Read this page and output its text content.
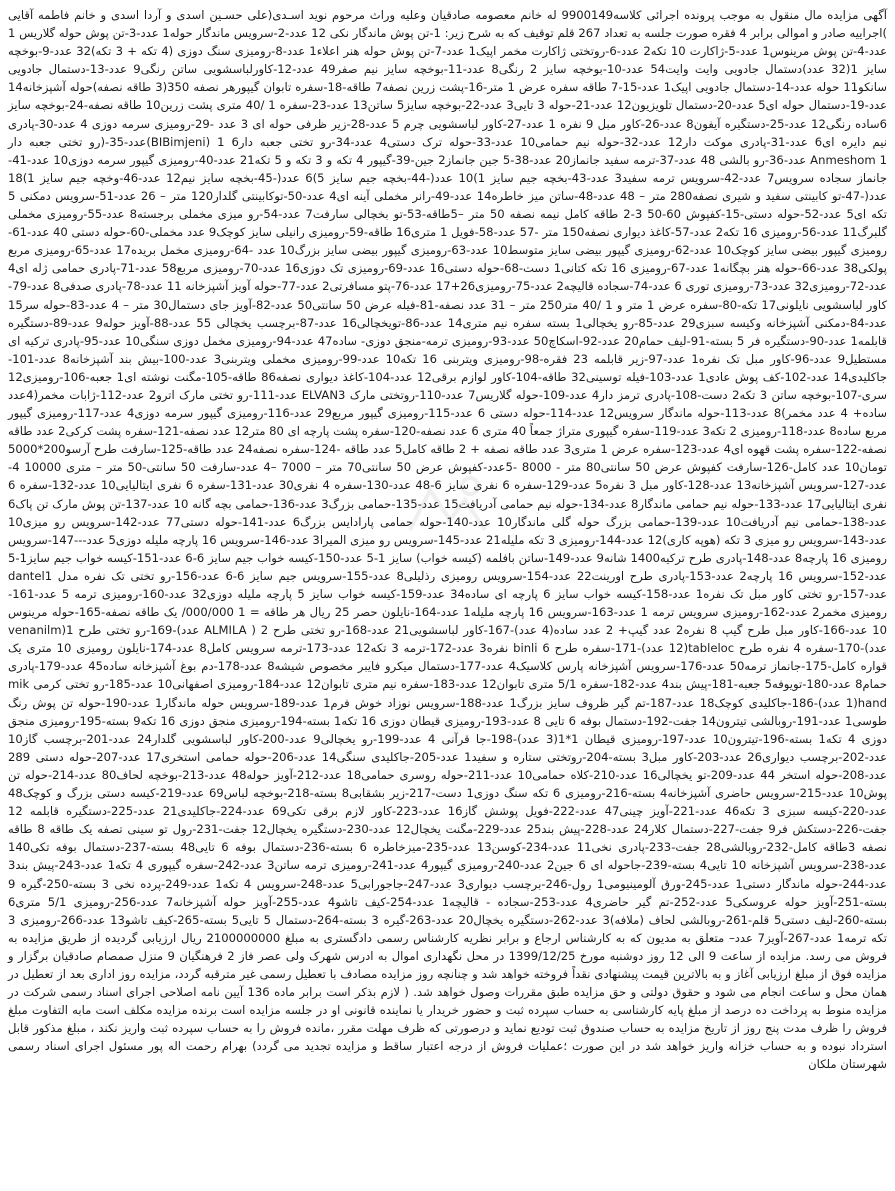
آگهی مزایده مال منقول به موجب پرونده اجرائی کلاسه9900149 له خانم معصومه صادقیان وعلیه وراث مرحوم نوید اسـدی(علی حسـین اسدی و آردا اسدی و خانم فاطمه آقایی )اجراییه صادر و اموالی برابر 4 فقره صورت جلسه به تعداد 267 قلم توقیف که به شرح زیر: 1-تن پوش ماندگار نکی 12 عدد-2-سرویس ماندگار حوله1 عدد-3-تن پوش حوله گلاریس 1 عدد-4-تن پوش مرینوس1 عدد-5-ژاکارت 10 تکه2 عدد-6-روتختی ژاکارت مخمر اپیک1 عدد-7-تن پوش حوله هنر اعلاء1 عدد-8-رومیزی سنگ دوزی (4 تکه + 3 تکه)32 عدد-9-بوخچه سایز 1(32 عدد)دستمال جادویی وایت وایت54 عدد-10-بوخچه سایز 2 رنگی8 عدد-11-بوخچه سایز نیم صفر49 عدد-12-کاورلباسشویی ساتن رنگی9 عدد-13-دستمال جادویی سانکو11 حوله عدد-14-دستمال جادویی اپیک1 عدد-15-7 طاقه سفره عرض 1 متر-16-پشت زرین نصفه7 طاقه-18-سفره تابوان گیپورهر نصفه 350(3 طاقه نصفه)حوله آشپزخانه14 عدد-19-دستمال حوله ای5 عدد-20-دستمال تلویزیون12 عدد-21-حوله 3 تایی3 عدد-22-بوخچه سایز5 ساتن13 عدد-23-سفره 1 /40 متری پشت زرین10 طاقه نصفه-24-بوخچه سایز 6ساده رنگی12 عدد-25-دستگیره آیفون8 عدد-26-کاور مبل 9 نفره 1 عدد-27-کاور لباسشویی چرم 5 عدد-28-زیر ظرفی حوله ای 3 عدد -29-رومیزی سرمه دوزی 4 عدد-30-پادری نیم دایره ای6 عدد-31-پادری موکت دار12 عدد-32-حوله نیم حمامی10 عدد-33-حوله ترک دستی4 عدد-34-رو تختی جعبه دار6 1 (BIBimjeni)عدد-35-(رو تختی جعبه دار Anmeshom 1 عدد-36-رو بالشی 48 عدد-37-ترمه سفید جانماز20 عدد-38-5 جین جانماز2 جین-39-گیپور 4 تکه و 3 تکه و 5 تکه21 عدد-40-رومیزی گیپور سرمه دوزی10 عدد-41-جانماز سجاده سرویس7 عدد-42-سرویس ترمه سفید3 عدد-43-بخچه جیم سایز 1)10 عدد(-44-بخچه جیم سایز 5)6 عدد(-45-بخچه سایز نیم12 عدد-46-وخچه جیم سایز 1)18 عدد(-47-تو کابینتی سفید و شیری نصفه280 متر – 48 عدد-48-ساتن میز خاطره14 عدد-49-رانر مخملی آینه ای4 عدد-50-توکابینتی گلدار120 متر – 26 عدد-51-سرویس دمکنی 5 تکه ای5 عدد-52-حوله دستی-15-کفپوش 60-50 3-2 طاقه کامل نیمه نصفه 50 متر –5طاقه-53-تو بخچالی سارفت7 عدد-54-رو میزی مخملی برجسته8 عدد-55-رومیزی مخملی گلبرگ11 عدد-56-رومیزی 16 تکه2 عدد-57-کاغذ دیواری نصفه150 متر -57 عدد-58-فویل 1 متری16 طاقه-59-رومیزی رانیلی سایز کوچک9 عدد مخملی-60-حوله دستی 40 عدد-61-رومیزی گیپور بیضی سایز کوچک10 عدد-62-رومیزی گیپور بیضی سایز متوسط10 عدد-63-رومیزی گیپور بیضی سایز بزرگ10 عدد -64-رومیزی مخمل بریده17 عدد-65-رومیزی مربع پولکی38 عدد-66-حوله هنر بچگانه1 عدد-67-رومیزی 16 تکه کتانی1 دست-68-حوله دستی16 عدد-69-رومیزی تک دوزی16 عدد-70-رومیزی مربع58 عدد-71-پادری حمامی ژله ای4 عدد-72-رومیزی32 عدد-73-رومیزی توری 6 عدد-74-سجاده قالیچه2 عدد-75-رومیزی26+17 عدد-76-پتو مسافرتی2 عدد-77-حوله آویز آشپزخانه 11 عدد-78-پادری صدفی8 عدد-79-کاور لباسشویی نایلونی17 تکه-80-سفره عرض 1 متر و 1 /40 متر250 متر – 31 عدد نصفه-81-فیله عرض 50 سانتی50 عدد-82-آویز جای دستمال30 متر – 4 عدد-83-حوله سر15 عدد-84-دمکنی آشپزخانه وکیسه سبزی29 عدد-85-رو یخچالی1 بسته سفره نیم متری14 عدد-86-تویخچالی16 عدد-87-برچسب یخچالی 55 عدد-88-آویز حوله9 عدد-89-دستگیره قابلمه1 عدد-90-دستگیره فر 5 بسته-91-لیف حمام20 عدد-92-اسکاچ50 عدد-93-رومیزی ترمه-منجق دوزی- ساده47 عدد-94-رومیزی مخمل دوزی سنگی10 عدد-95-پادری ترکیه ای مستطیل9 عدد-96-کاور مبل تک نفره1 عدد-97-زیر قابلمه 23 فقره-98-رومیزی ویتربنی 16 تکه10 عدد-99-رومیزی مخملی ویتربنی3 عدد-100-بیش بند آشپزخانه8 عدد-101-جاکلیدی14 عدد-102-کف پوش عادی1 عدد-103-فیله توسینی32 طاقه-104-کاور لوازم برقی12 عدد-104-کاغذ دیواری نصفه86 طاقه-105-مگنت نوشته ای1 جعبه-106-رومیزی12 سری-107-بوخچه ساتن 3 تکه2 دست-108-پادری ترمز دار4 عدد-109-حوله گلاریس7 عدد-110-روتختی مارک ELVAN3 عدد-111-رو تختی مارک اترو2 عدد-112-ژابات مخمر(4عدد ساده+ 4 عدد مخمر)8 عدد-113-حوله ماندگار سرویس12 عدد-114-حوله دستی 6 عدد-115-رومیزی گیپور مربع29 عدد-116-رومیزی گیپور سرمه دوزی4 عدد-117-رومیزی گیپور مربع ساده8 عدد-118-رومیزی 2 تکه3 عدد-119-سفره گیپوری متراژ جمعاً 40 متری 6 عدد نصفه-120-سفره پشت پارچه ای 80 متر12 عدد نصفه-121-سفره پشت کرکی2 عدد طاقه نصفه-122-سفره پشت قهوه ای4 عدد-123-سفره عرض 1 متری3 عدد طاقه نصفه + 2 طاقه کامل5 عدد طاقه -124-سفره نصفه24 عدد طاقه-125-سارفت طرح آرسو200*5000 تومان10 عدد کامل-126-سارفت کفپوش عرض 50 سانتی80 متر - 8000 -5عدد-کفپوش عرض 50 سانتی70 متر – 7000 –4 عدد-سارفت 50 سانتی-50 متر – متری 10000 4-عدد-127-سرویس آشپزخانه13 عدد-128-کاور مبل 3 نفره5 عدد-129-سفره 6 نفری سایز 6-48 عدد-130-سفره 4 نفری30 عدد-131-سفره 6 نفری ایتالیایی10 عدد-132-سفره 6 نفری ایتالیایی17 عدد-133-حوله نیم حمامی ماندگار8 عدد-134-حوله نیم حمامی آدریافت15 عدد-135-حمامی بزرگ3 عدد-136-حمامی بچه گانه 10 عدد-137-تن پوش مارک تن پاک6 عدد-138-حمامی نیم آدریافت10 عدد-139-حمامی بزرگ حوله گلی ماندگار10 عدد-140-حوله حمامی پارادایس بزرگ6 عدد-141-حوله دستی77 عدد-142-سرویس رو میزی10 عدد-143-سرویس رو میزی 3 تکه (هوپه کاری)12 عدد-144-رومیزی 3 تکه ملیله21 عدد-145-سرویس رو میزی المیرا3 عدد-146-سرویس 16 پارچه ملیله دوزی5 عدد---147-سرویس رومیزی 16 پارچه8 عدد-148-پادری طرح ترکیه1400 شانه9 عدد-149-ساتن بافلمه (کیسه خواب) سایز 1-5 عدد-150-کیسه خواب جیم سایز 6-6 عدد-151-کیسه خواب جیم سایز1-5 عدد-152-سرویس 16 پارچه2 عدد-153-پادری طرح اورینت22 عدد-154-سرویس رومیزی رذلیلی8 عدد-155-سرویس جیم سایز 6-6 عدد-156-رو تختی تک نفره مدل dantel1 عدد-157-رو تختی کاور مبل تک نفره1 عدد-158-کیسه خواب سایز 6 پارچه ای ساده34 عدد-159-کیسه خواب سایز 5 پارچه ملیله دوزی32 عدد-160-رومیزی ترمه 5 عدد-161-رومیزی مخمر2 عدد-162-رومیزی سرویس ترمه 1 عدد-163-سرویس 16 پارچه ملیله1 عدد-164-نایلون حصر 25 ریال هر طاقه = 1 000/000/ یک طاقه نصفه-165-حوله مرینوس 10 عدد-166-کاور مبل طرح گیپ 8 نفره2 عدد گیپ+ 2 عدد ساده(4 عدد)-167-کاور لباسشویی21 عدد-168-رو تختی طرح 2 ( ALMILA عدد)-169-رو تختی طرح 1(venanilm عدد)-170-سفره 4 نفره طرح tableloc(12 عدد)-171-سفره طرح 6 binli نفره3 عدد-172-ترمه 3 تکه12 عدد-173-ترمه سرویس کامل8 عدد-174-نایلون رومیزی 10 متری یک قواره کامل-175-جانماز ترمه50 عدد-176-سرویس آشپزخانه پارس کلاسیک4 عدد-177-دستمال میکرو فایبر مخصوص شیشه8 عدد-178-دم بوغ آشپزخانه ساده45 عدد-179-پادری حمام8 عدد-180-تویوفه5 جعبه-181-پیش بند4 عدد-182-سفره 5/1 متری تابوان12 عدد-183-سفره نیم متری تابوان12 عدد-184-رومیزی اصفهانی10 عدد-185-رو تختی کرمی mik hand(1 عدد)-186-جاکلیدی کوچک18 عدد-187-تم گیر ظروف سایز بزرگ1 عدد-188-سرویس نوزاد خوش فرم1 عدد-189-سرویس حوله ماندگار1 عدد-190-حوله تن پوش رنگ طوسی1 عدد-191-روبالشی تیترون14 جفت-192-دستمال بوفه 6 تایی 8 عدد-193-رومیزی قیطان دوزی 16 تکه1 بسته-194-رومیزی منجق دوزی 16 تکه9 بسته-195-رومیزی منجق دوزی 4 تکه1 بسته-196-تیترون10 عدد-197-رومیزی قیطان 1*1(3 عدد)-198-جا قرآنی 4 عدد-199-رو یخچالی9 عدد-200-کاور لباسشویی گلدار24 عدد-201-برچسب گاز10 عدد-202-برچسب دیواری26 عدد-203-کاور مبل3 بسته-204-روتختی ستاره و سفید1 عدد-205-جاکلیدی سنگی14 عدد-206-حوله حمامی استخری17 عدد-207-حوله دستی 289 عدد-208-حوله استخر 44 عدد-209-تو یخچالی16 عدد-210-کلاه حمامی10 عدد-211-حوله روسری حمامی18 عدد-212-آویز حوله48 عدد-213-بوخچه لحاف80 عدد-214-حوله تن پوش10 عدد-215-سرویس حاضری آشپزخانه4 بسته-216-رومیزی 6 تکه سنگ دوزی1 دست-217-زیر بشقابی8 بسته-218-بوخچه لباس69 عدد-219-کیسه دستی بزرگ و کوچک48 عدد-220-کیسه سبزی 3 تکه46 عدد-221-آویز چینی47 عدد-222-فویل پوشش گاز16 عدد-223-کاور لازم برقی تکی69 عدد-224-جاکلیدی21 عدد-225-دستگیره قابلمه 12 جفت-226-دستکش فر9 جفت-227-دستمال کلار24 عدد-228-پیش بند25 عدد-229-مگنت یخچال12 عدد-230-دستگیره یخچال12 جفت-231-رول تو سینی تصفه یک طاقه 8 طاقه نصفه 3طاقه کامل-232-روبالشی28 جفت-233-پادری نخی11 عدد-234-کوسن13 عدد-235-میزخاطره 6 بسته-236-دستمال بوفه 6 تایی48 بسته-237-دستمال بوفه تکی140 عدد-238-سرویس آشپزخانه 10 تایی4 بسته-239-جاحوله ای 6 جین2 عدد-240-رومیزی گیپور4 عدد-241-رومیزی ترمه ساتن3 عدد-242-سفره گیپوری 4 تکه1 عدد-243-پیش بند3 عدد-244-حوله ماندگار دستی1 عدد-245-ورق آلومینیومی1 رول-246-برچسب دیواری3 عدد-247-جاجورابی5 عدد-248-سرویس 4 تکه1 عدد-249-پرده نخی 3 بسته-250-گیره 9 بسته-251-آویز حوله عروسکی5 عدد-252-تم گیر حاضری4 عدد-253-سجاده - قالیچه1 عدد-254-کیف تاشو4 عدد-255-آویز حوله آشپزخانه7 عدد-256-رومیزی 5/1 متری6 بسته-260-لیف دستی5 قلم-261-روبالشی لحاف (ملافه)3 عدد-262-دستگیره یخچال20 عدد-263-گیره 3 بسته-264-دستمال 5 تایی5 بسته-265-کیف تاشو13 عدد-266-رومیزی 3 تکه ترمه1 عدد-267-آویز7 عدد– متعلق به مدیون که به کارشناس ارجاع و برابر نظریه کارشناس رسمی دادگستری به مبلغ 2100000000 ریال ارزیابی گردیده از طریق مزایده به فروش می رسد. مزایده از ساعت 9 الی 12 روز دوشنبه مورخ 1399/12/25 در محل نگهداری اموال به ادرس شهرک ولی عصر فاز 2 فرهنگیان 9 منزل صمصام صادقیان برگزار و مزایده فوق از مبلغ ارزیابی آغاز و به بالاترین قیمت پیشنهادی نقداً فروخته خواهد شد و چنانچه روز مزایده مصادف با تعطیل رسمی غیر مترقبه گردد، مزایده روز اداری بعد از تعطیل در همان محل و ساعت انجام می شود و حقوق دولتی و حق مزایده طبق مقررات وصول خواهد شد. ( لازم بذکر است برابر ماده 136 آیین نامه اصلاحی اجرای اسناد رسمی شرکت در مزایده منوط به پرداخت ده درصد از مبلغ پایه کارشناسی به حساب سپرده ثبت و حضور خریدار یا نماینده قانونی او در جلسه مزایده است برنده مزایده مکلف است مابه التفاوت مبلغ فروش را ظرف مدت پنج روز از تاریخ مزایده به حساب صندوق ثبت تودیع نماید و درصورتی که ظرف مهلت مقرر ،مانده فروش را به حساب سپرده ثبت واریز نکند ، مبلغ مذکور قابل استرداد نبوده و به حساب خزانه واریز خواهد شد در این صورت ؛عملیات فروش از درجه اعتبار ساقط و مزایده تجدید می گردد) بهرام رحمت اله پور مسئول اجرای اسناد رسمی شهرستان ملکان
